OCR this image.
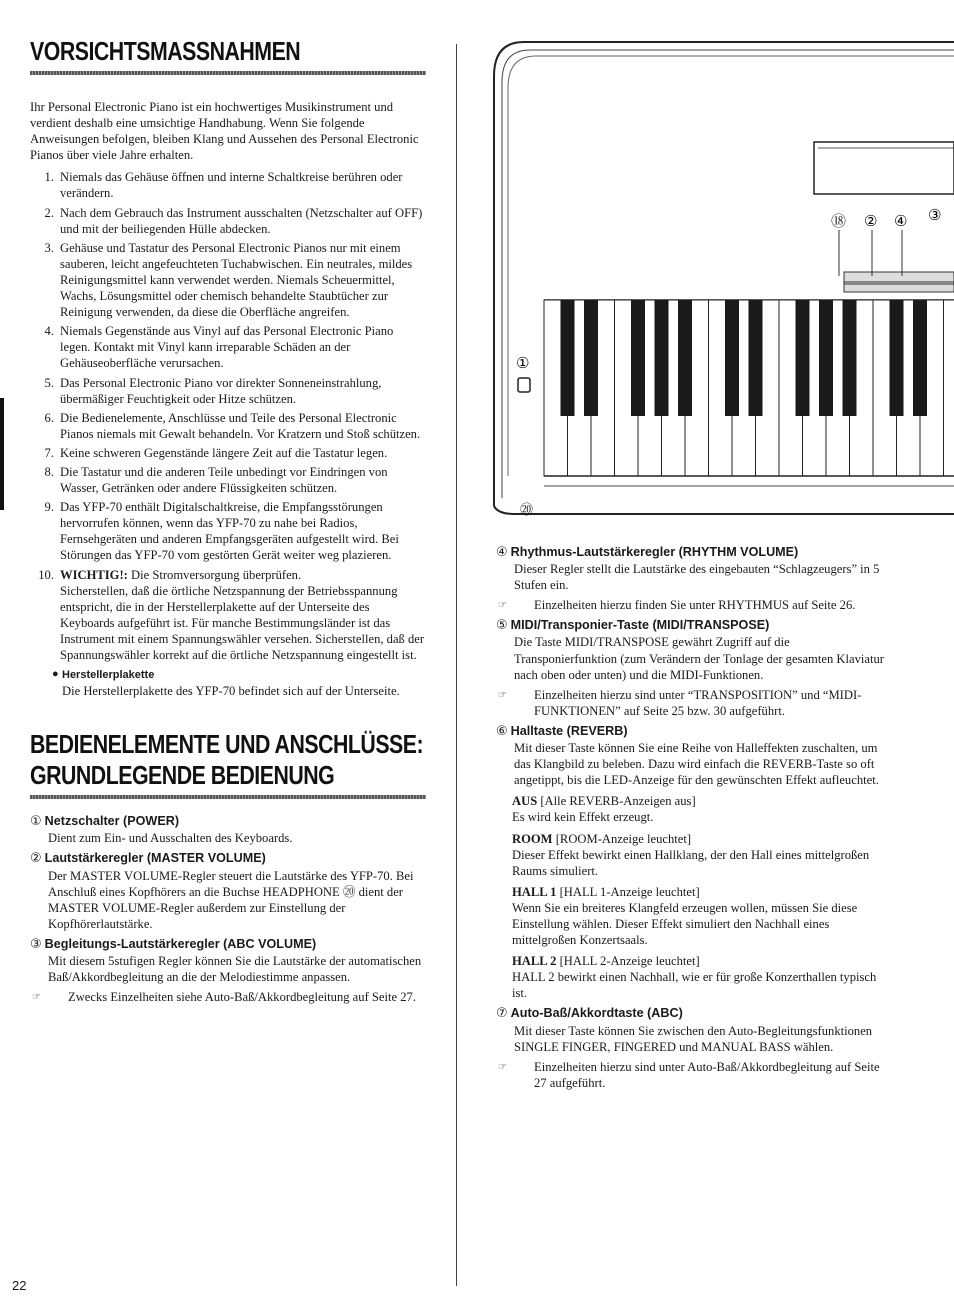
VORSICHTSMASSNAHMEN

Ihr Personal Electronic Piano ist ein hochwertiges Musikinstrument und verdient deshalb eine umsichtige Handhabung. Wenn Sie folgende Anweisungen befolgen, bleiben Klang und Aussehen des Personal Electronic Pianos über viele Jahre erhalten.

1. Niemals das Gehäuse öffnen und interne Schaltkreise berühren oder verändern.
2. Nach dem Gebrauch das Instrument ausschalten (Netzschalter auf OFF) und mit der beiliegenden Hülle abdecken.
3. Gehäuse und Tastatur des Personal Electronic Pianos nur mit einem sauberen, leicht angefeuchteten Tuchabwischen. Ein neutrales, mildes Reinigungsmittel kann verwendet werden. Niemals Scheuermittel, Wachs, Lösungsmittel oder chemisch behandelte Staubtücher zur Reinigung verwenden, da diese die Oberfläche angreifen.
4. Niemals Gegenstände aus Vinyl auf das Personal Electronic Piano legen. Kontakt mit Vinyl kann irreparable Schäden an der Gehäuseoberfläche verursachen.
5. Das Personal Electronic Piano vor direkter Sonneneinstrahlung, übermäßiger Feuchtigkeit oder Hitze schützen.
6. Die Bedienelemente, Anschlüsse und Teile des Personal Electronic Pianos niemals mit Gewalt behandeln. Vor Kratzern und Stoß schützen.
7. Keine schweren Gegenstände längere Zeit auf die Tastatur legen.
8. Die Tastatur und die anderen Teile unbedingt vor Eindringen von Wasser, Getränken oder andere Flüssigkeiten schützen.
9. Das YFP-70 enthält Digitalschaltkreise, die Empfangsstörungen hervorrufen können, wenn das YFP-70 zu nahe bei Radios, Fernsehgeräten und anderen Empfangsgeräten aufgestellt wird. Bei Störungen das YFP-70 vom gestörten Gerät weiter weg plazieren.
10. WICHTIG!: Die Stromversorgung überprüfen.
Sicherstellen, daß die örtliche Netzspannung der Betriebsspannung entspricht, die in der Herstellerplakette auf der Unterseite des Keyboards aufgeführt ist. Für manche Bestimmungsländer ist das Instrument mit einem Spannungswähler versehen. Sicherstellen, daß der Spannungswähler korrekt auf die örtliche Netzspannung eingestellt ist.
● Herstellerplakette
Die Herstellerplakette des YFP-70 befindet sich auf der Unterseite.
BEDIENELEMENTE UND ANSCHLÜSSE:
GRUNDLEGENDE BEDIENUNG
① Netzschalter (POWER)
Dient zum Ein- und Ausschalten des Keyboards.
② Lautstärkeregler (MASTER VOLUME)
Der MASTER VOLUME-Regler steuert die Lautstärke des YFP-70. Bei Anschluß eines Kopfhörers an die Buchse HEADPHONE ⑳ dient der MASTER VOLUME-Regler außerdem zur Einstellung der Kopfhörerlautstärke.
③ Begleitungs-Lautstärkeregler (ABC VOLUME)
Mit diesem 5stufigen Regler können Sie die Lautstärke der automatischen Baß/Akkordbegleitung an die der Melodiestimme anpassen.
☞	Zwecks Einzelheiten siehe Auto-Baß/Akkordbegleitung auf Seite 27.
⑱ ② ④ ③
①
⑳
④ Rhythmus-Lautstärkeregler (RHYTHM VOLUME)
Dieser Regler stellt die Lautstärke des eingebauten “Schlagzeugers” in 5 Stufen ein.
☞	Einzelheiten hierzu finden Sie unter RHYTHMUS auf Seite 26.
⑤ MIDI/Transponier-Taste (MIDI/TRANSPOSE)
Die Taste MIDI/TRANSPOSE gewährt Zugriff auf die Transponierfunktion (zum Verändern der Tonlage der gesamten Klaviatur nach oben oder unten) und die MIDI-Funktionen.
☞	Einzelheiten hierzu sind unter “TRANSPOSITION” und “MIDI-FUNKTIONEN” auf Seite 25 bzw. 30 aufgeführt.
⑥ Halltaste (REVERB)
Mit dieser Taste können Sie eine Reihe von Halleffekten zuschalten, um das Klangbild zu beleben. Dazu wird einfach die REVERB-Taste so oft angetippt, bis die LED-Anzeige für den gewünschten Effekt aufleuchtet.
AUS [Alle REVERB-Anzeigen aus]
Es wird kein Effekt erzeugt.
ROOM [ROOM-Anzeige leuchtet]
Dieser Effekt bewirkt einen Hallklang, der den Hall eines mittelgroßen Raums simuliert.
HALL 1 [HALL 1-Anzeige leuchtet]
Wenn Sie ein breiteres Klangfeld erzeugen wollen, müssen Sie diese Einstellung wählen. Dieser Effekt simuliert den Nachhall eines mittelgroßen Konzertsaals.
HALL 2 [HALL 2-Anzeige leuchtet]
HALL 2 bewirkt einen Nachhall, wie er für große Konzerthallen typisch ist.
⑦ Auto-Baß/Akkordtaste (ABC)
Mit dieser Taste können Sie zwischen den Auto-Begleitungsfunktionen SINGLE FINGER, FINGERED und MANUAL BASS wählen.
☞	Einzelheiten hierzu sind unter Auto-Baß/Akkordbegleitung auf Seite 27 aufgeführt.
22
